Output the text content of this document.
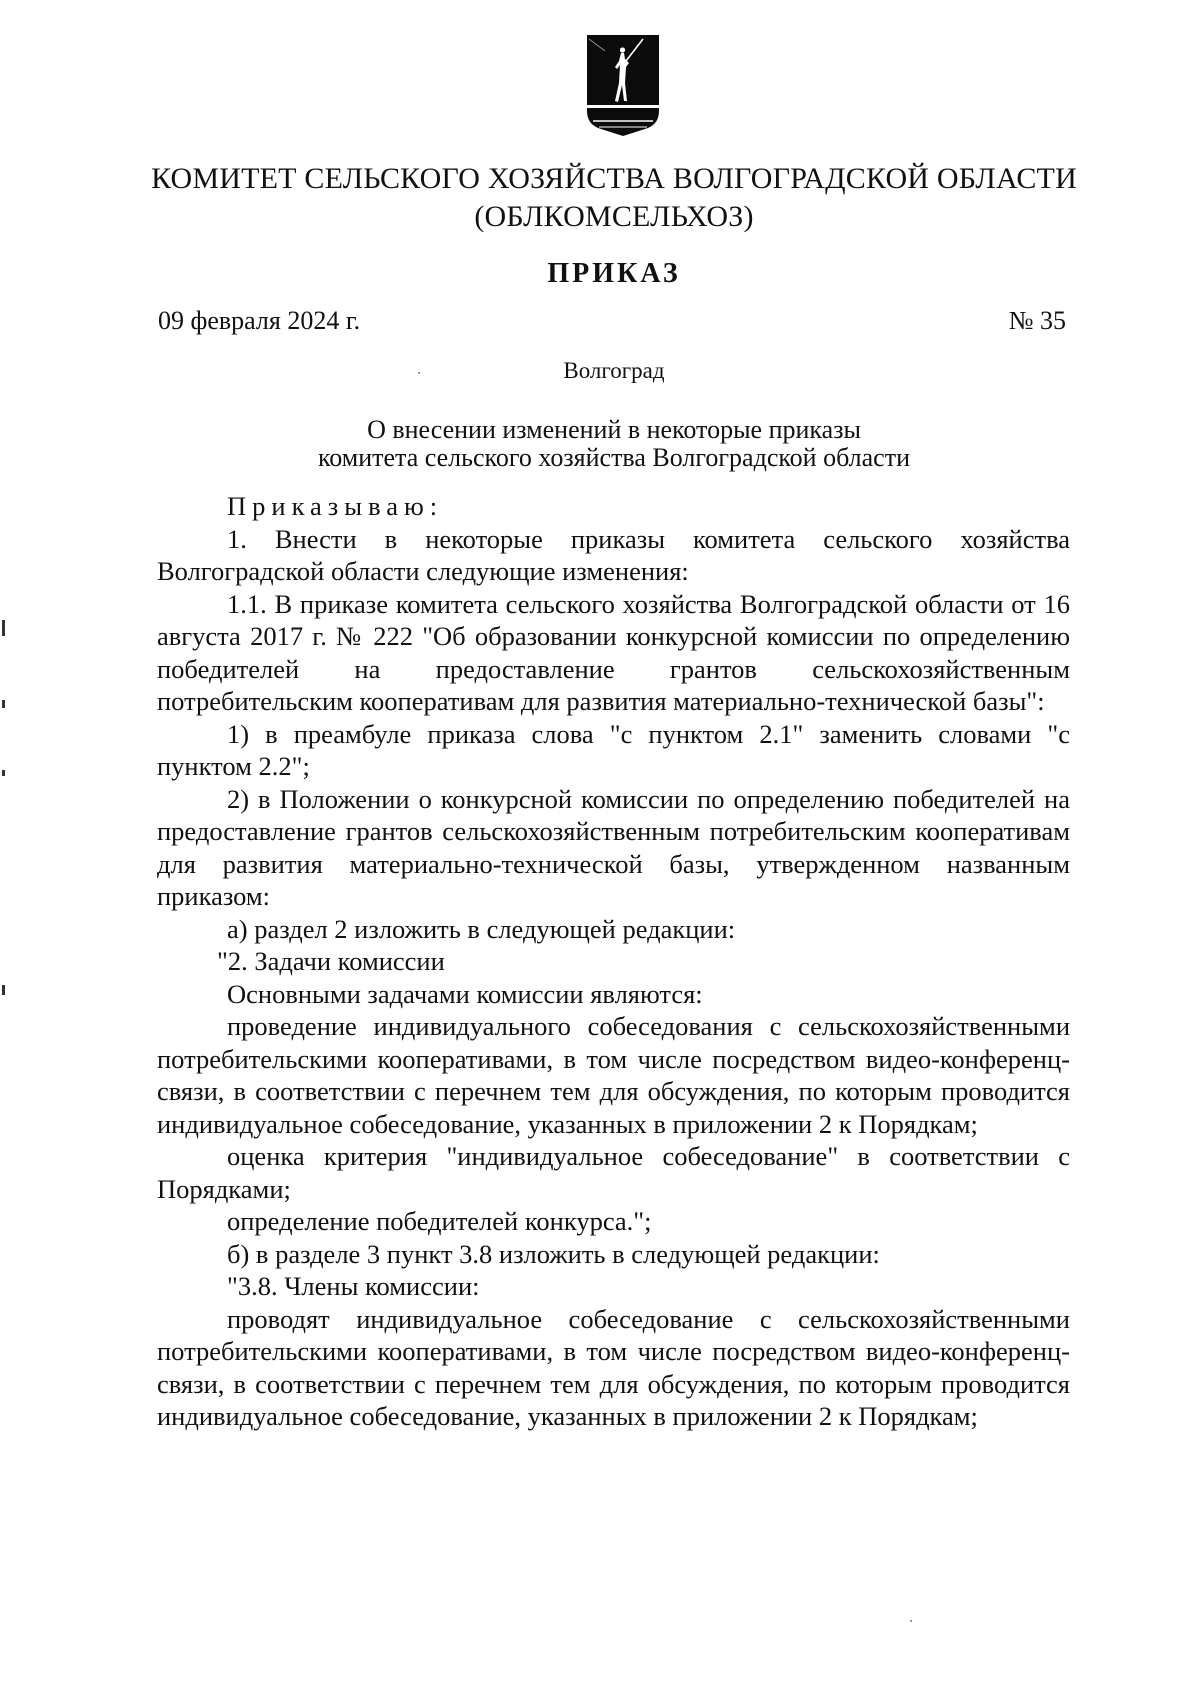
КОМИТЕТ СЕЛЬСКОГО ХОЗЯЙСТВА ВОЛГОГРАДСКОЙ ОБЛАСТИ
(ОБЛКОМСЕЛЬХОЗ)
ПРИКАЗ
09 февраля 2024 г.	№ 35
Волгоград
О внесении изменений в некоторые приказы
комитета сельского хозяйства Волгоградской области

Приказываю:

1. Внести в некоторые приказы комитета сельского хозяйства Волгоградской области следующие изменения:

1.1. В приказе комитета сельского хозяйства Волгоградской области от 16 августа 2017 г. № 222 "Об образовании конкурсной комиссии по определению победителей на предоставление грантов сельскохозяйственным потребительским кооперативам для развития материально-технической базы":

1) в преамбуле приказа слова "с пунктом 2.1" заменить словами "с пунктом 2.2";

2) в Положении о конкурсной комиссии по определению победителей на предоставление грантов сельскохозяйственным потребительским кооперативам для развития материально-технической базы, утвержденном названным приказом:

а) раздел 2 изложить в следующей редакции:

"2. Задачи комиссии

Основными задачами комиссии являются:

проведение индивидуального собеседования с сельскохозяйственными потребительскими кооперативами, в том числе посредством видео-конференц-связи, в соответствии с перечнем тем для обсуждения, по которым проводится индивидуальное собеседование, указанных в приложении 2 к Порядкам;

оценка критерия "индивидуальное собеседование" в соответствии с Порядками;

определение победителей конкурса.";

б) в разделе 3 пункт 3.8 изложить в следующей редакции:

"3.8. Члены комиссии:

проводят индивидуальное собеседование с сельскохозяйственными потребительскими кооперативами, в том числе посредством видео-конференц-связи, в соответствии с перечнем тем для обсуждения, по которым проводится индивидуальное собеседование, указанных в приложении 2 к Порядкам;
